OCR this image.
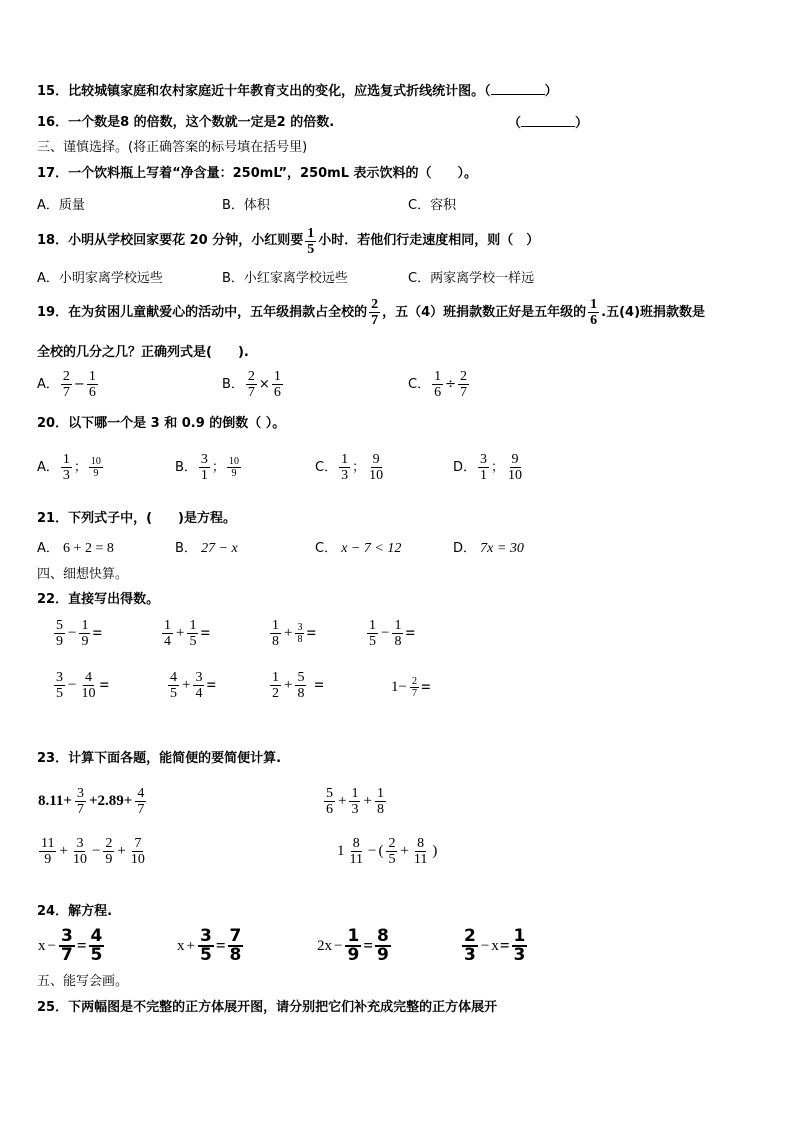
15．比较城镇家庭和农村家庭近十年教育支出的变化，应选复式折线统计图。（	）
16．一个数是8 的倍数，这个数就一定是2 的倍数.	（	）
三、谨慎选择。(将正确答案的标号填在括号里)
17．一个饮料瓶上写着“净含量：250mL”，250mL 表示饮料的（　　）。
A．质量	B．体积	C．容积
18．小明从学校回家要花 20 分钟，小红则要 $\frac{1}{5}$ 小时．若他们行走速度相同，则（　）
A．小明家离学校远些	B．小红家离学校远些	C．两家离学校一样远
19．在为贫困儿童献爱心的活动中，五年级捐款占全校的 $\frac{2}{7}$ ，五（4）班捐款数正好是五年级的 $\frac{1}{6}$ .五(4)班捐款数是
全校的几分之几？正确列式是(　　).
A． $\frac{2}{7} - \frac{1}{6}$	B． $\frac{2}{7} \times \frac{1}{6}$	C． $\frac{1}{6} \div \frac{2}{7}$
20．以下哪一个是 3 和 0.9 的倒数（ ）。
A． $\frac{1}{3}$ ； $\frac{10}{9}$	B． $\frac{3}{1}$ ； $\frac{10}{9}$	C． $\frac{1}{3}$ ； $\frac{9}{10}$	D． $\frac{3}{1}$ ； $\frac{9}{10}$
21．下列式子中，(　　)是方程。
A． 6 + 2 = 8	B． 27 − x	C． x − 7 < 12	D． 7x = 30
四、细想快算。
22．直接写出得数。
$\frac{5}{9} - \frac{1}{9}$ =	$\frac{1}{4} + \frac{1}{5}$ =	$\frac{1}{8} + \frac{3}{8}$ =	$\frac{1}{5} - \frac{1}{8}$ =
$\frac{3}{5} - \frac{4}{10}$ =	$\frac{4}{5} + \frac{3}{4}$ =	$\frac{1}{2} + \frac{5}{8}$ =	$1- \frac{2}{7}$ =
23．计算下面各题，能简便的要简便计算.
$8.11+ \frac{3}{7} +2.89+ \frac{4}{7}$	$\frac{5}{6} + \frac{1}{3} + \frac{1}{8}$
$\frac{11}{9} + \frac{3}{10} - \frac{2}{9} + \frac{7}{10}$	$1 \frac{8}{11}$ − ( $\frac{2}{5} + \frac{8}{11}$ )
24．解方程.
$x - \frac{3}{7} = \frac{4}{5}$	$x + \frac{3}{5} = \frac{7}{8}$	$2x - \frac{1}{9} = \frac{8}{9}$	$\frac{2}{3} - x= \frac{1}{3}$
五、能写会画。
25．下两幅图是不完整的正方体展开图，请分别把它们补充成完整的正方体展开
